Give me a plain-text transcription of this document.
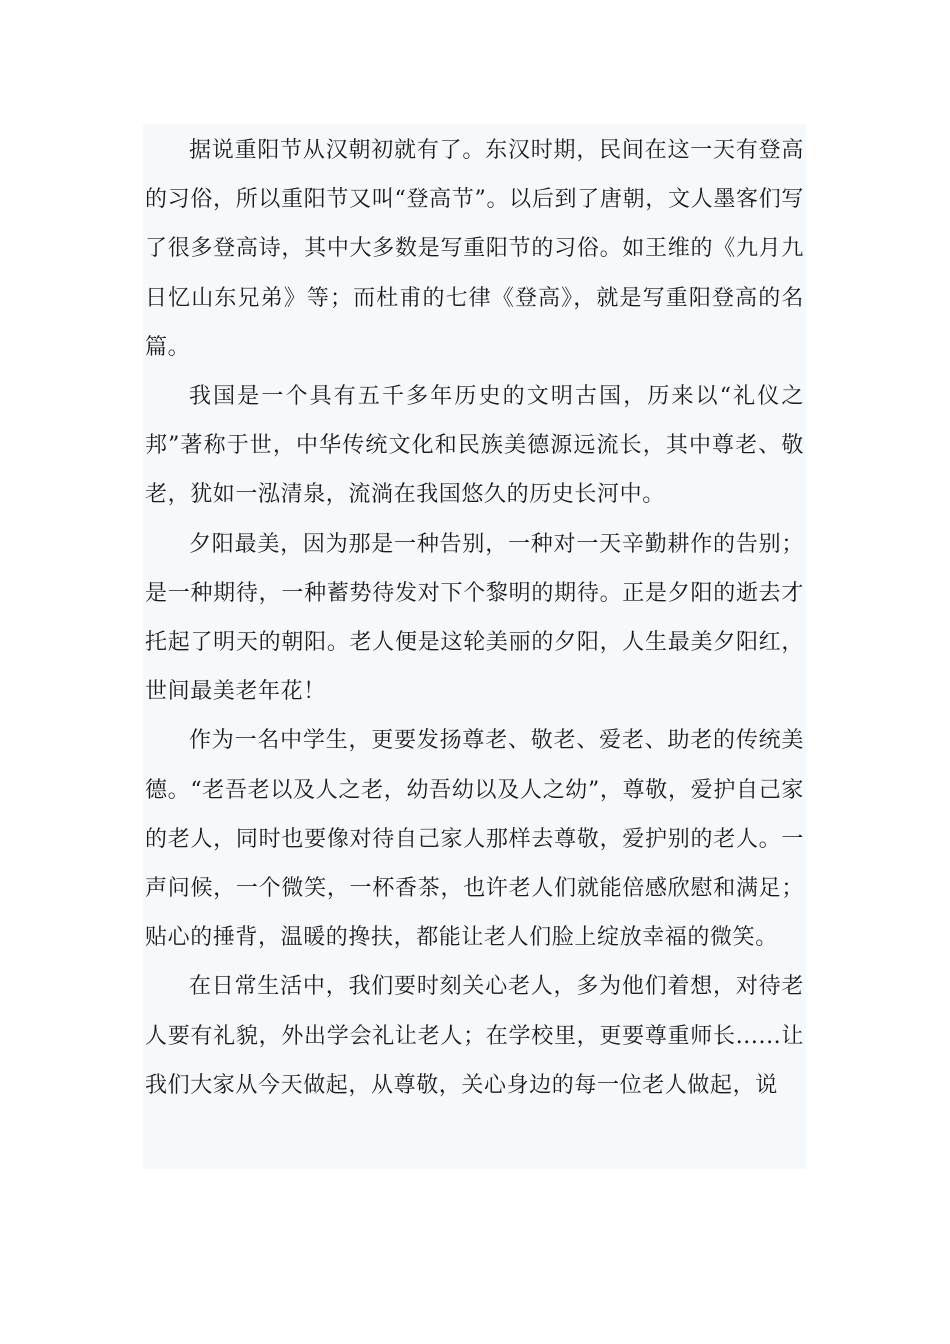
据说重阳节从汉朝初就有了。东汉时期，民间在这一天有登高的习俗，所以重阳节又叫“登高节”。以后到了唐朝，文人墨客们写了很多登高诗，其中大多数是写重阳节的习俗。如王维的《九月九日忆山东兄弟》等；而杜甫的七律《登高》，就是写重阳登高的名篇。

我国是一个具有五千多年历史的文明古国，历来以“礼仪之邦”著称于世，中华传统文化和民族美德源远流长，其中尊老、敬老，犹如一泓清泉，流淌在我国悠久的历史长河中。

夕阳最美，因为那是一种告别，一种对一天辛勤耕作的告别；是一种期待，一种蓄势待发对下个黎明的期待。正是夕阳的逝去才托起了明天的朝阳。老人便是这轮美丽的夕阳，人生最美夕阳红，世间最美老年花！

作为一名中学生，更要发扬尊老、敬老、爱老、助老的传统美德。“老吾老以及人之老，幼吾幼以及人之幼”，尊敬，爱护自己家的老人，同时也要像对待自己家人那样去尊敬，爱护别的老人。一声问候，一个微笑，一杯香茶，也许老人们就能倍感欣慰和满足；贴心的捶背，温暖的搀扶，都能让老人们脸上绽放幸福的微笑。

在日常生活中，我们要时刻关心老人，多为他们着想，对待老人要有礼貌，外出学会礼让老人；在学校里，更要尊重师长......让我们大家从今天做起，从尊敬，关心身边的每一位老人做起，说
